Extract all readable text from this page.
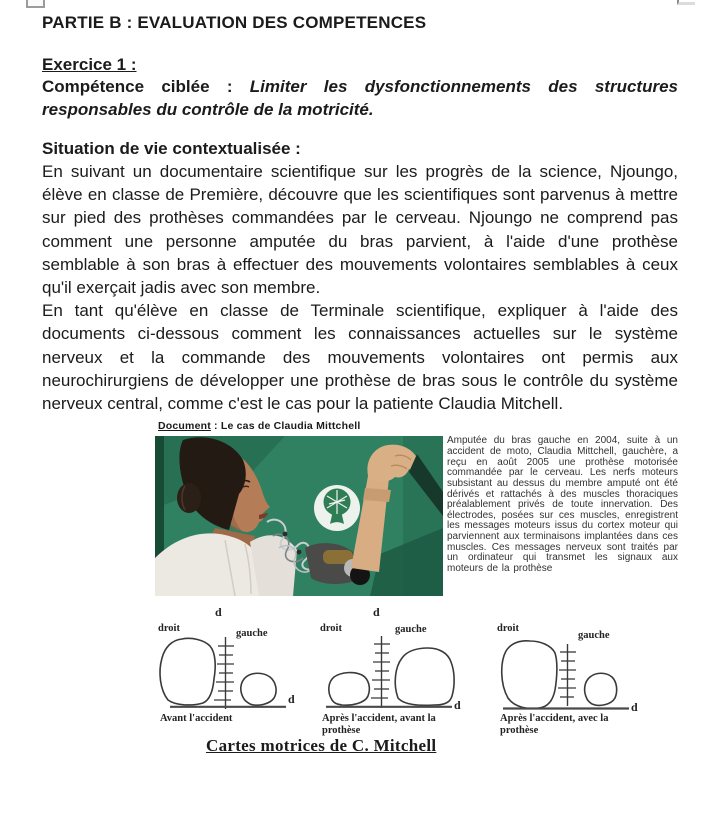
PARTIE B : EVALUATION DES COMPETENCES
Exercice 1 :
Compétence ciblée : Limiter les dysfonctionnements des structures responsables du contrôle de la motricité.
Situation de vie contextualisée :

En suivant un documentaire scientifique sur les progrès de la science, Njoungo, élève en classe de Première, découvre que les scientifiques sont parvenus à mettre sur pied des prothèses commandées par le cerveau. Njoungo ne comprend pas comment une personne amputée du bras parvient, à l'aide d'une prothèse semblable à son bras à effectuer des mouvements volontaires semblables à ceux qu'il exerçait jadis avec son membre.

En tant qu'élève en classe de Terminale scientifique, expliquer à l'aide des documents ci-dessous comment les connaissances actuelles sur le système nerveux et la commande des mouvements volontaires ont permis aux neurochirurgiens de développer une prothèse de bras sous le contrôle du système nerveux central, comme c'est le cas pour la patiente Claudia Mitchell.

Document : Le cas de Claudia Mittchell
Amputée du bras gauche en 2004, suite à un accident de moto, Claudia Mittchell, gauchère, a reçu en août 2005 une prothèse motorisée commandée par le cerveau. Les nerfs moteurs subsistant au dessus du membre amputé ont été dérivés et rattachés à des muscles thoraciques préalablement privés de toute innervation. Des électrodes, posées sur ces muscles, enregistrent les messages moteurs issus du cortex moteur qui parviennent aux terminaisons implantées dans ces muscles. Ces messages nerveux sont traités par un ordinateur qui transmet les signaux aux moteurs de la prothèse
d
droit	gauche
d
Avant l'accident
d
droit	gauche
d
Après l'accident, avant la
prothèse
droit
gauche
d
Après l'accident, avec la
prothèse
Cartes motrices de C. Mitchell
